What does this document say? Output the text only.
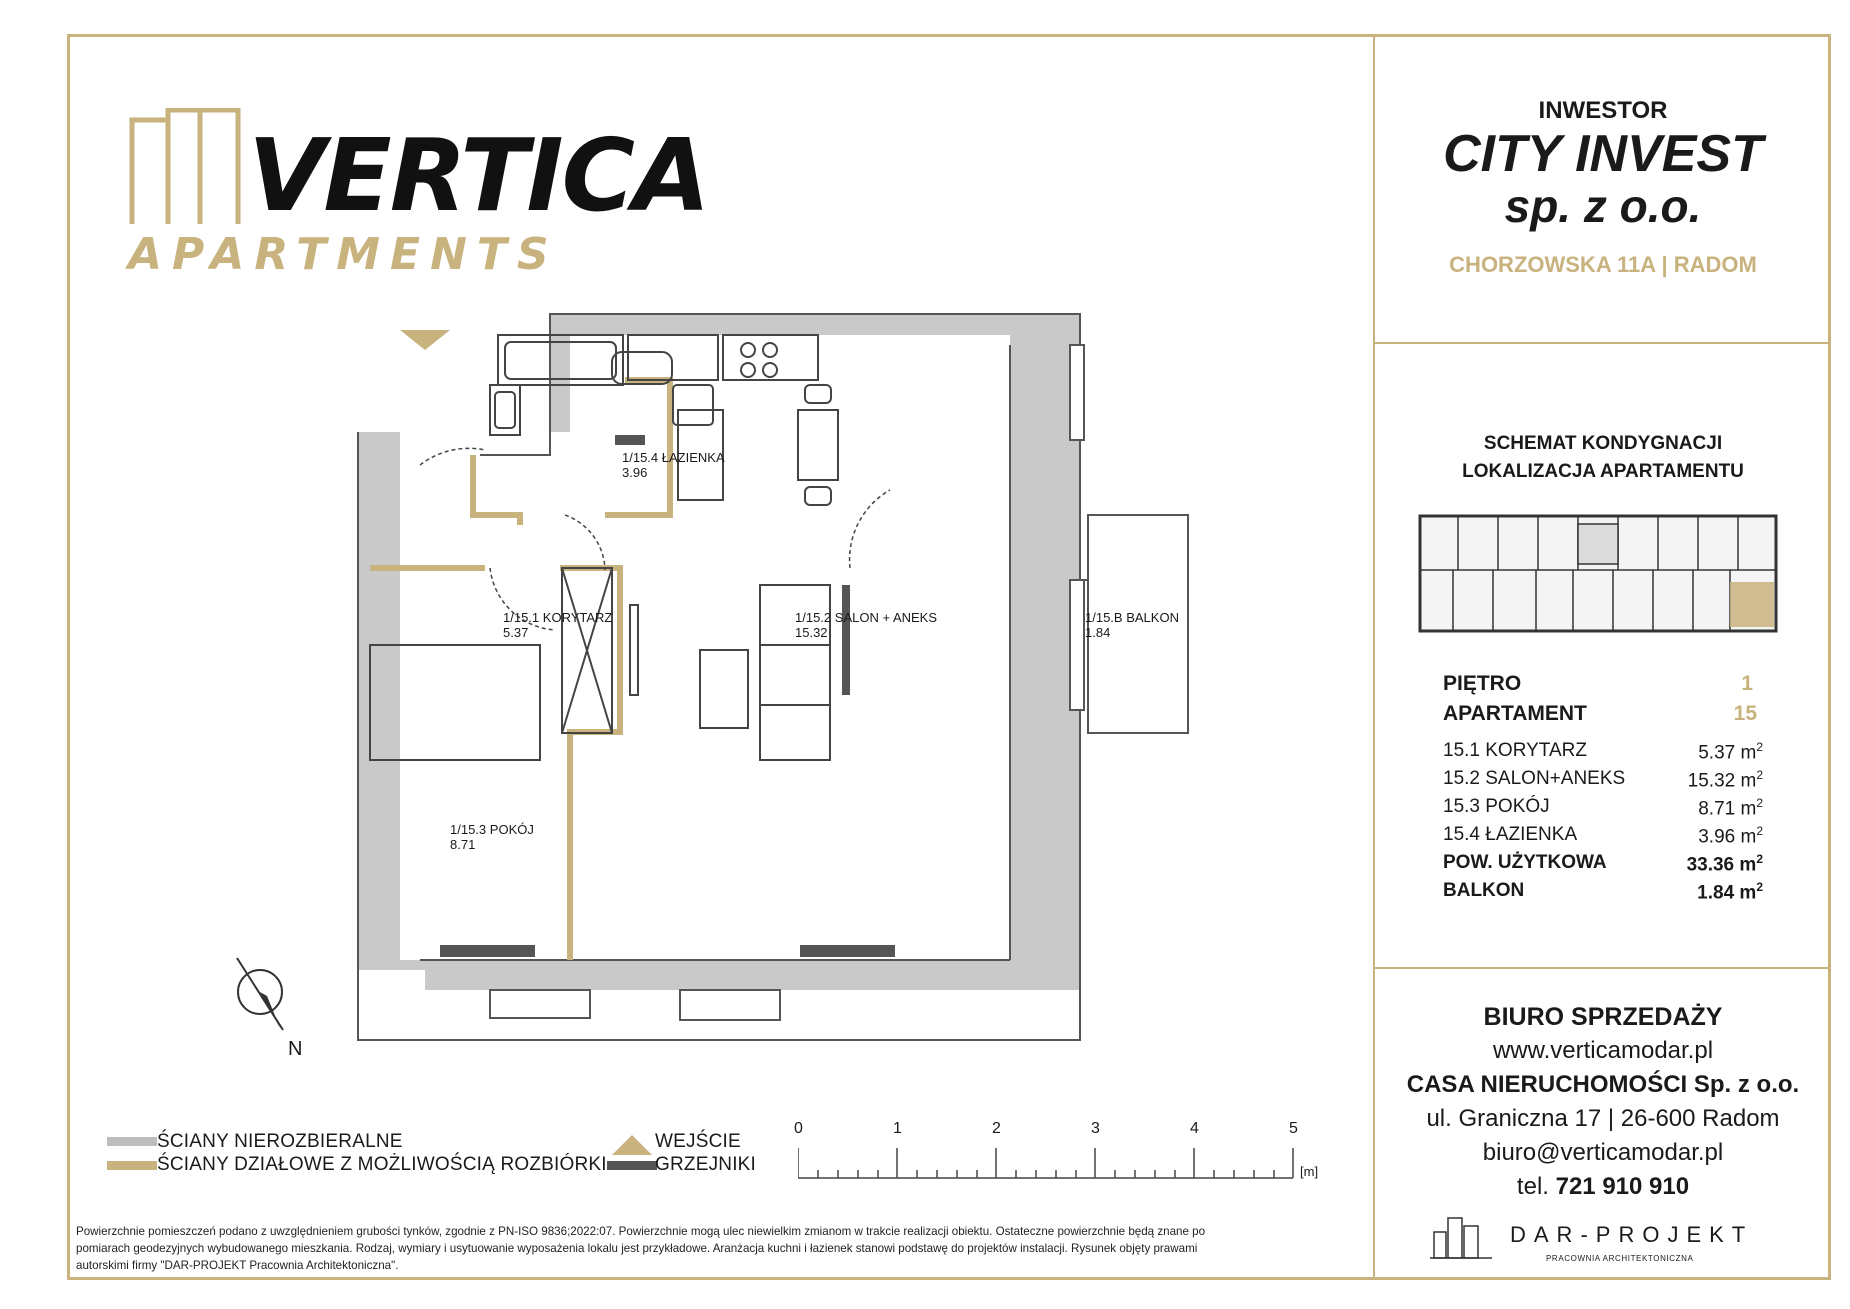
VERTICA
APARTMENTS
N
1/15.4 ŁAZIENKA
3.96
1/15.1 KORYTARZ
5.37
1/15.2 SALON + ANEKS
15.32
1/15.B BALKON
1.84
1/15.3 POKÓJ
8.71
ŚCIANY NIEROZBIERALNE
ŚCIANY DZIAŁOWE Z MOŻLIWOŚCIĄ ROZBIÓRKI
WEJŚCIE
GRZEJNIKI
0	1	2	3	4	5
[m]
Powierzchnie pomieszczeń podano z uwzględnieniem grubości tynków, zgodnie z PN-ISO 9836;2022:07. Powierzchnie mogą ulec niewielkim zmianom w trakcie realizacji obiektu. Ostateczne powierzchnie będą znane po
pomiarach geodezyjnych wybudowanego mieszkania. Rodzaj, wymiary i usytuowanie wyposażenia lokalu jest przykładowe. Aranżacja kuchni i łazienek stanowi podstawę do projektów instalacji. Rysunek objęty prawami
autorskimi firmy "DAR-PROJEKT Pracownia Architektoniczna".
INWESTOR
CITY INVEST
sp. z o.o.
CHORZOWSKA 11A | RADOM
SCHEMAT KONDYGNACJI
LOKALIZACJA APARTAMENTU
PIĘTRO	1
APARTAMENT	15
15.1 KORYTARZ	5.37 $m^2$
15.2 SALON+ANEKS	15.32 $m^2$
15.3 POKÓJ	8.71 $m^2$
15.4 ŁAZIENKA	3.96 $m^2$
POW. UŻYTKOWA	33.36 $m^2$
BALKON	1.84 $m^2$
BIURO SPRZEDAŻY
www.verticamodar.pl
CASA NIERUCHOMOŚCI Sp. z o.o.
ul. Graniczna 17 | 26-600 Radom
biuro@verticamodar.pl
tel. 721 910 910
DAR-PROJEKT
PRACOWNIA ARCHITEKTONICZNA
